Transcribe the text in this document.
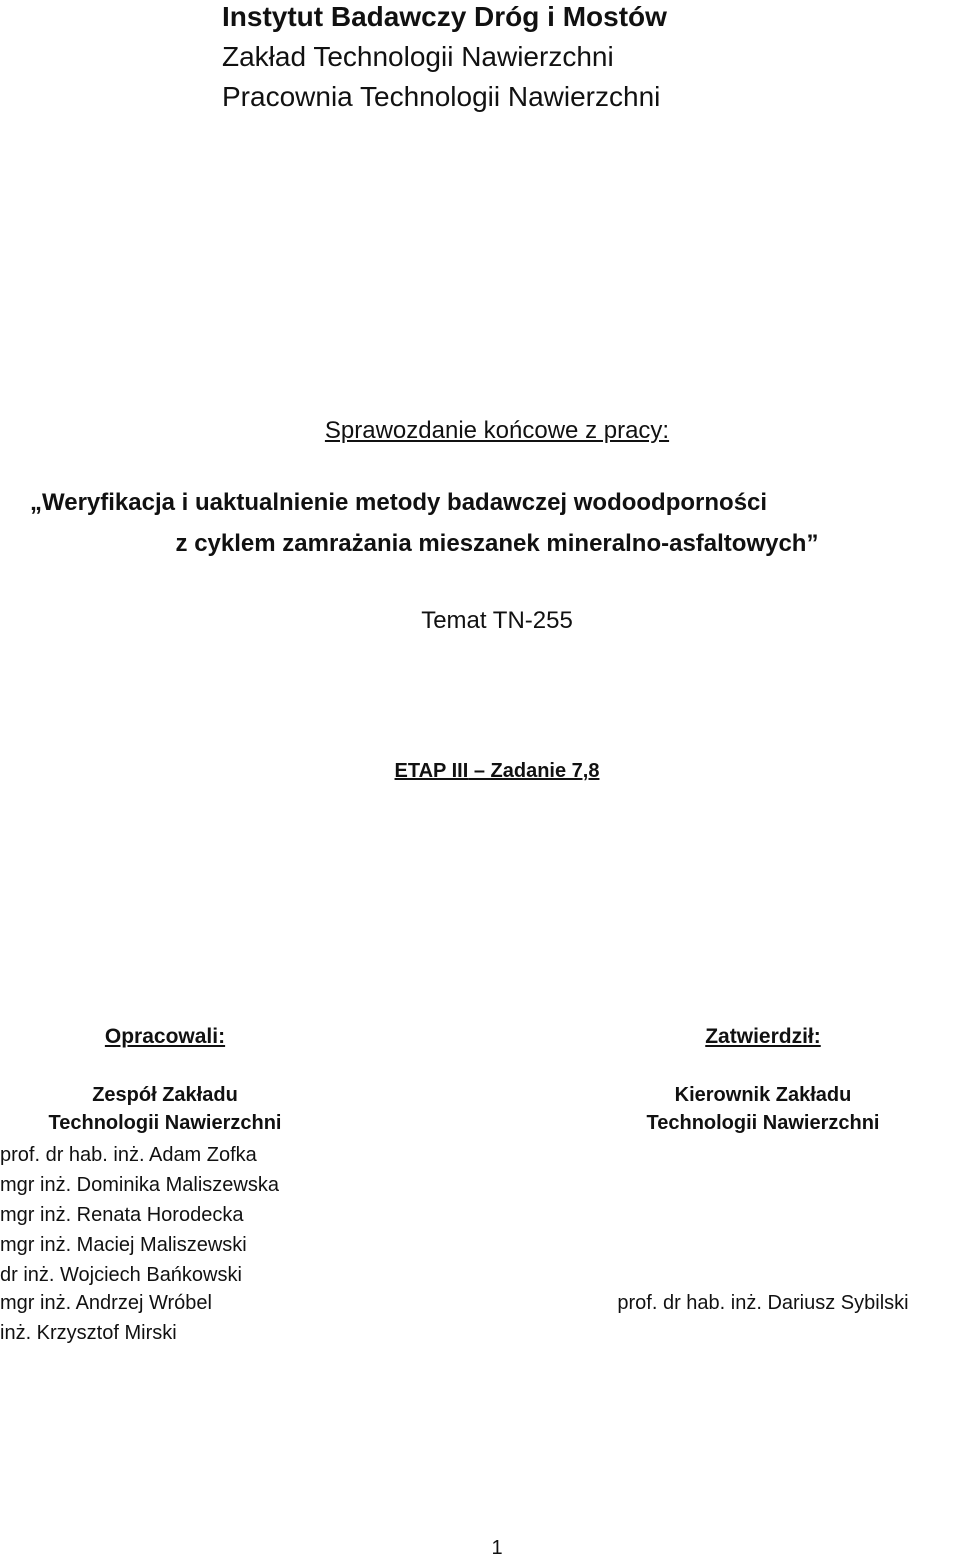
Instytut Badawczy Dróg i Mostów
Zakład Technologii Nawierzchni
Pracownia Technologii Nawierzchni
Sprawozdanie końcowe z pracy:
„Weryfikacja i uaktualnienie metody badawczej wodoodporności
z cyklem zamrażania mieszanek mineralno-asfaltowych”
Temat TN-255
ETAP III – Zadanie 7,8
Opracowali:
Zespół Zakładu
Technologii Nawierzchni
prof. dr hab. inż. Adam Zofka
mgr inż. Dominika Maliszewska
mgr inż. Renata Horodecka
mgr inż. Maciej Maliszewski
dr inż. Wojciech Bańkowski
mgr inż. Andrzej Wróbel
inż. Krzysztof Mirski
Zatwierdził:
Kierownik Zakładu
Technologii Nawierzchni
prof. dr hab. inż. Dariusz Sybilski
1
